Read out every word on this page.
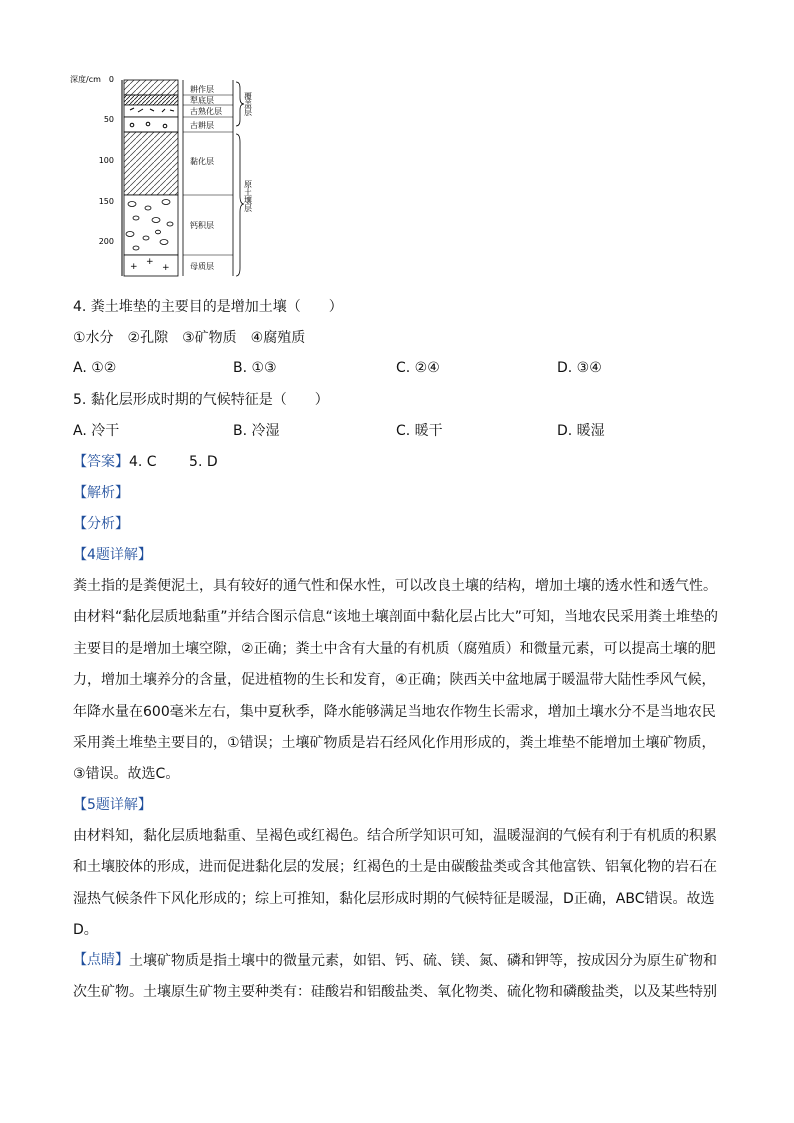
深度/cm 0
50
100
150
200
+ +
+
耕作层
犁底层
古熟化层
古耕层
黏化层
钙积层
母质层
覆盖层
原土壤层
4. 粪土堆垫的主要目的是增加土壤（　　）
①水分　②孔隙　③矿物质　④腐殖质
A. ①②	B. ①③	C. ②④	D. ③④
5. 黏化层形成时期的气候特征是（　　）
A. 冷干	B. 冷湿	C. 暖干	D. 暖湿
【答案】4. C　　 5. D
【解析】
【分析】
【4题详解】
粪土指的是粪便泥土，具有较好的通气性和保水性，可以改良土壤的结构，增加土壤的透水性和透气性。由材料“黏化层质地黏重”并结合图示信息“该地土壤剖面中黏化层占比大”可知，当地农民采用粪土堆垫的主要目的是增加土壤空隙，②正确；粪土中含有大量的有机质（腐殖质）和微量元素，可以提高土壤的肥力，增加土壤养分的含量，促进植物的生长和发育，④正确；陕西关中盆地属于暖温带大陆性季风气候，年降水量在600毫米左右，集中夏秋季，降水能够满足当地农作物生长需求，增加土壤水分不是当地农民采用粪土堆垫主要目的，①错误；土壤矿物质是岩石经风化作用形成的，粪土堆垫不能增加土壤矿物质，③错误。故选C。
【5题详解】
由材料知，黏化层质地黏重、呈褐色或红褐色。结合所学知识可知，温暖湿润的气候有利于有机质的积累和土壤胶体的形成，进而促进黏化层的发展；红褐色的土是由碳酸盐类或含其他富铁、铝氧化物的岩石在湿热气候条件下风化形成的；综上可推知，黏化层形成时期的气候特征是暖湿，D正确，ABC错误。故选D。
【点睛】 土壤矿物质是指土壤中的微量元素，如铝、钙、硫、镁、氮、磷和钾等，按成因分为原生矿物和次生矿物。土壤原生矿物主要种类有：硅酸岩和铝酸盐类、氧化物类、硫化物和磷酸盐类，以及某些特别
